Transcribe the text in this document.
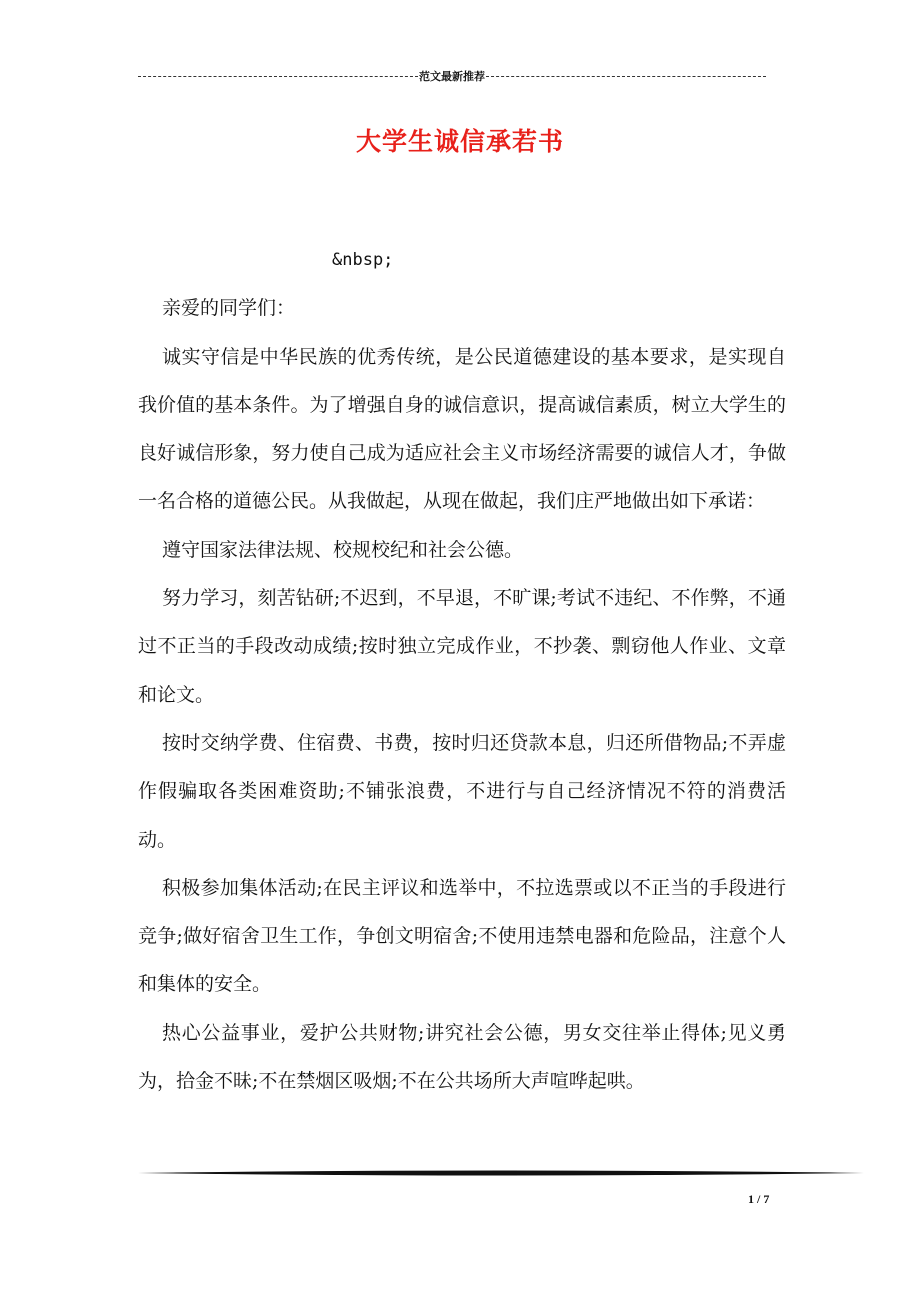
范文最新推荐
大学生诚信承若书

&nbsp;

亲爱的同学们：

诚实守信是中华民族的优秀传统，是公民道德建设的基本要求，是实现自我价值的基本条件。为了增强自身的诚信意识，提高诚信素质，树立大学生的良好诚信形象，努力使自己成为适应社会主义市场经济需要的诚信人才，争做一名合格的道德公民。从我做起，从现在做起，我们庄严地做出如下承诺：

遵守国家法律法规、校规校纪和社会公德。

努力学习，刻苦钻研;不迟到，不早退，不旷课;考试不违纪、不作弊，不通过不正当的手段改动成绩;按时独立完成作业，不抄袭、剽窃他人作业、文章和论文。

按时交纳学费、住宿费、书费，按时归还贷款本息，归还所借物品;不弄虚作假骗取各类困难资助;不铺张浪费，不进行与自己经济情况不符的消费活动。

积极参加集体活动;在民主评议和选举中，不拉选票或以不正当的手段进行竞争;做好宿舍卫生工作，争创文明宿舍;不使用违禁电器和危险品，注意个人和集体的安全。

热心公益事业，爱护公共财物;讲究社会公德，男女交往举止得体;见义勇为，拾金不昧;不在禁烟区吸烟;不在公共场所大声喧哗起哄。

1 / 7
